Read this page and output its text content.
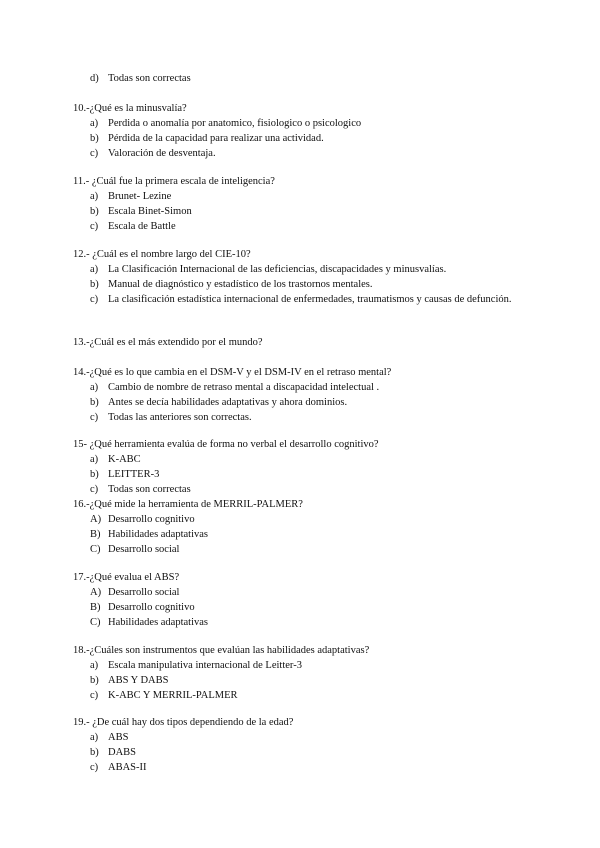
d) Todas son correctas

10.-¿Qué es la minusvalía?

a) Perdida o anomalía por anatomico, fisiologico o psicologico
b) Pérdida de la capacidad para realizar una actividad.
c) Valoración de desventaja.

11.- ¿Cuál fue la primera escala de inteligencia?

a) Brunet- Lezine
b) Escala Binet-Simon
c) Escala de Battle

12.- ¿Cuál es el nombre largo del CIE-10?

a) La Clasificación Internacional de las deficiencias, discapacidades y minusvalías.
b) Manual de diagnóstico y estadístico de los trastornos mentales.
c) La clasificación estadística internacional de enfermedades, traumatismos y causas de defunción.

13.-¿Cuál es el más extendido por el mundo?

14.-¿Qué es lo que cambia en el DSM-V y el DSM-IV en el retraso mental?

a) Cambio de nombre de retraso mental a discapacidad intelectual .
b) Antes se decía habilidades adaptativas y ahora dominios.
c) Todas las anteriores son correctas.

15- ¿Qué herramienta evalúa de forma no verbal el desarrollo cognitivo?

a) K-ABC
b) LEITTER-3
c) Todas son correctas

16.-¿Qué mide la herramienta de MERRIL-PALMER?

A) Desarrollo cognitivo
B) Habilidades adaptativas
C) Desarrollo social

17.-¿Qué evalua el ABS?

A) Desarrollo social
B) Desarrollo cognitivo
C) Habilidades adaptativas

18.-¿Cuáles son instrumentos que evalúan las habilidades adaptativas?

a) Escala manipulativa internacional de Leitter-3
b) ABS Y DABS
c) K-ABC Y MERRIL-PALMER

19.- ¿De cuál hay dos tipos dependiendo de la edad?

a) ABS
b) DABS
c) ABAS-II
